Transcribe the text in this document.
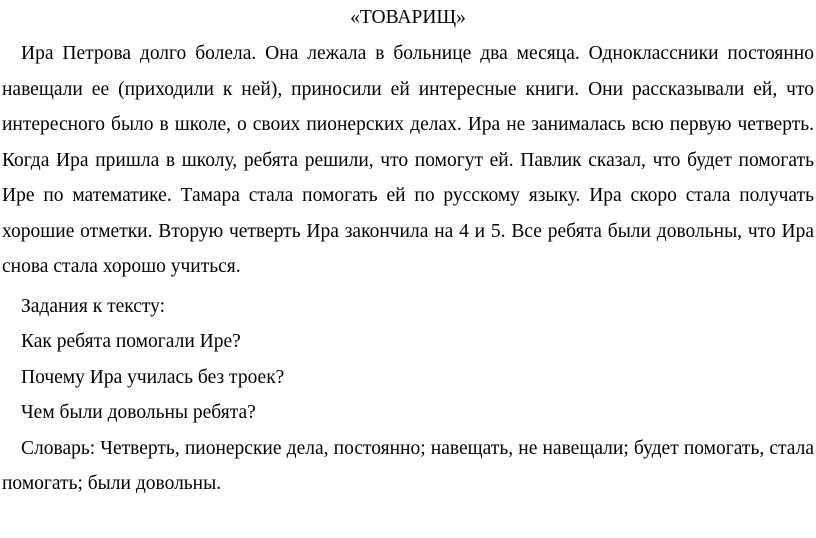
«ТОВАРИЩ»

Ира Петрова долго болела. Она лежала в больнице два месяца. Одноклассники постоянно навещали ее (приходили к ней), приносили ей интересные книги. Они рассказывали ей, что интересного было в школе, о своих пионерских делах. Ира не занималась всю первую четверть. Когда Ира пришла в школу, ребята решили, что помогут ей. Павлик сказал, что будет помогать Ире по математике. Тамара стала помогать ей по русскому языку. Ира скоро стала получать хорошие отметки. Вторую четверть Ира закончила на 4 и 5. Все ребята были довольны, что Ира снова стала хорошо учиться.

Задания к тексту:

Как ребята помогали Ире?

Почему Ира училась без троек?

Чем были довольны ребята?

Словарь: Четверть, пионерские дела, постоянно; навещать, не навещали; будет помогать, стала помогать; были довольны.
